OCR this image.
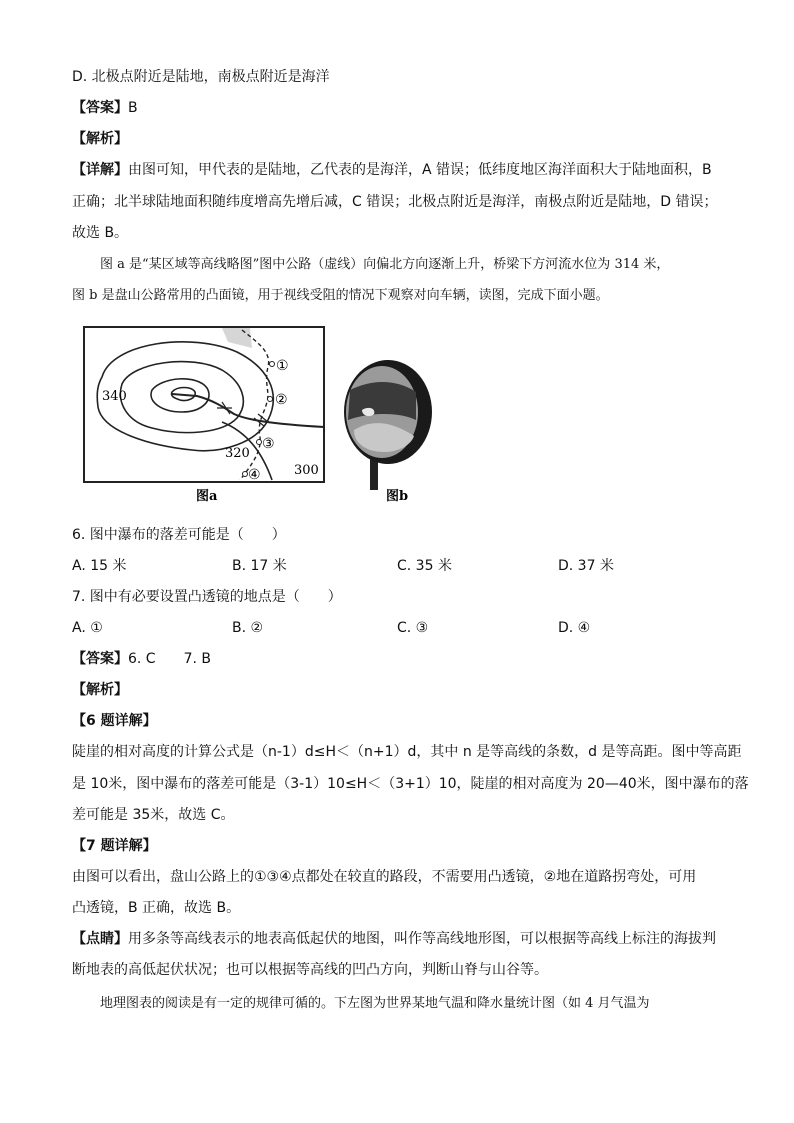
D. 北极点附近是陆地，南极点附近是海洋
【答案】B
【解析】
【详解】由图可知，甲代表的是陆地，乙代表的是海洋，A 错误；低纬度地区海洋面积大于陆地面积，B
正确；北半球陆地面积随纬度增高先增后减，C 错误；北极点附近是海洋，南极点附近是陆地，D 错误；
故选 B。
图 a 是“某区域等高线略图”图中公路（虚线）向偏北方向逐渐上升，桥梁下方河流水位为 314 米，
图 b 是盘山公路常用的凸面镜，用于视线受阻的情况下观察对向车辆，读图，完成下面小题。
①
②
③
④
340
320
300
图a	图b
6. 图中瀑布的落差可能是（　　）
A. 15 米	B. 17 米	C. 35 米	D. 37 米
7. 图中有必要设置凸透镜的地点是（　　）
A. ①	B. ②	C. ③	D. ④
【答案】6. C　　7. B
【解析】
【6 题详解】
陡崖的相对高度的计算公式是（n-1）d≤H＜（n+1）d，其中 n 是等高线的条数，d 是等高距。图中等高距
是 10米，图中瀑布的落差可能是（3-1）10≤H＜（3+1）10，陡崖的相对高度为 20—40米，图中瀑布的落
差可能是 35米，故选 C。
【7 题详解】
由图可以看出，盘山公路上的①③④点都处在较直的路段，不需要用凸透镜，②地在道路拐弯处，可用
凸透镜，B 正确，故选 B。
【点睛】用多条等高线表示的地表高低起伏的地图，叫作等高线地形图，可以根据等高线上标注的海拔判
断地表的高低起伏状况；也可以根据等高线的凹凸方向，判断山脊与山谷等。
地理图表的阅读是有一定的规律可循的。下左图为世界某地气温和降水量统计图（如 4 月气温为
